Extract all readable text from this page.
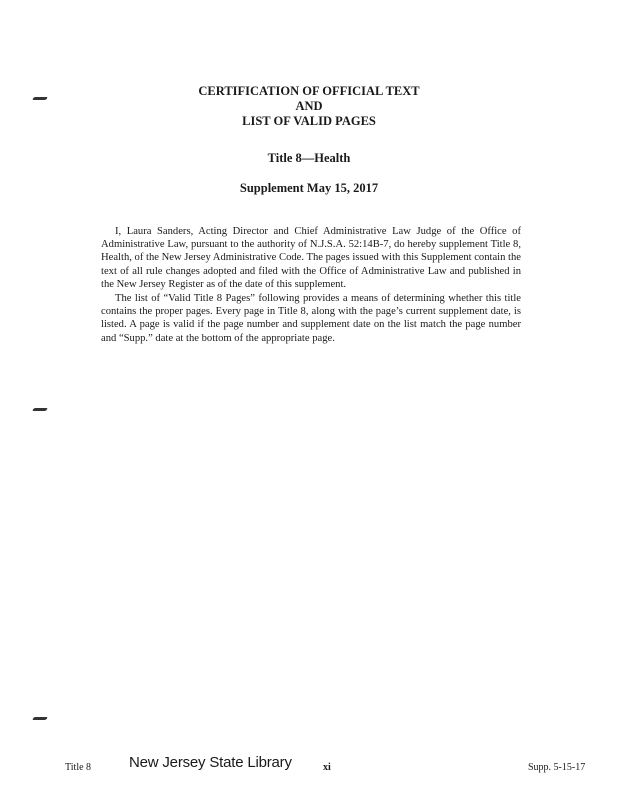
CERTIFICATION OF OFFICIAL TEXT
AND
LIST OF VALID PAGES
Title 8—Health
Supplement May 15, 2017

I, Laura Sanders, Acting Director and Chief Administrative Law Judge of the Office of Administrative Law, pursuant to the authority of N.J.S.A. 52:14B-7, do hereby supplement Title 8, Health, of the New Jersey Administrative Code. The pages issued with this Supplement contain the text of all rule changes adopted and filed with the Office of Administrative Law and published in the New Jersey Register as of the date of this supplement.

The list of “Valid Title 8 Pages” following provides a means of determining whether this title contains the proper pages. Every page in Title 8, along with the page’s current supplement date, is listed. A page is valid if the page number and supplement date on the list match the page number and “Supp.” date at the bottom of the appropriate page.

Title 8	New Jersey State Library	xi	Supp. 5-15-17
